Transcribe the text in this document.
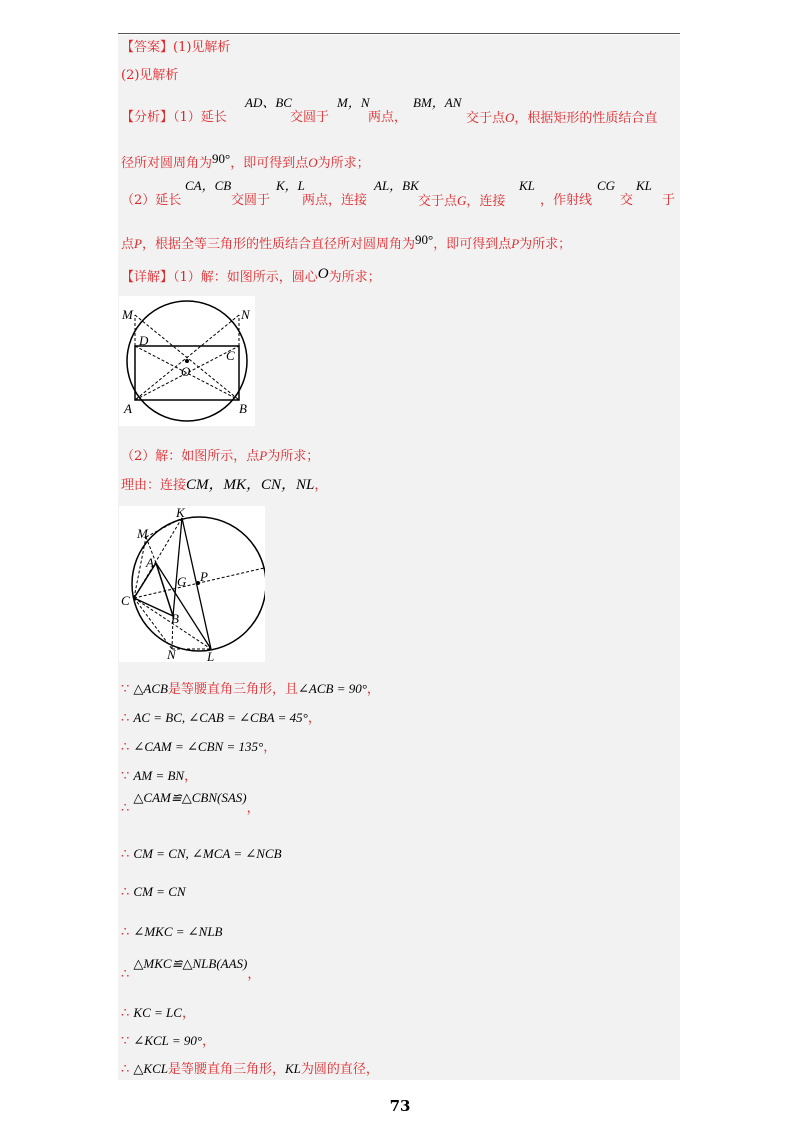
【答案】(1)见解析
(2)见解析
【分析】（1）延长
AD、BC
交圆于
M，N
两点，
BM，AN
交于点O，根据矩形的性质结合直
径所对圆周角为90°，即可得到点O为所求；
（2）延长
CA，CB
交圆于
K，L
两点，连接
AL，BK
交于点G，连接
KL
，作射线
CG
交
KL
于
点P，根据全等三角形的性质结合直径所对圆周角为90°，即可得到点P为所求；
【详解】（1）解：如图所示，圆心O为所求；
M	N
D
C
O
A	B
（2）解：如图所示，点P为所求；
理由：连接CM，MK，CN，NL，
K
M
A
G P
C
B
N L
∵ △ACB是等腰直角三角形，且∠ACB = 90°，
∴ AC = BC, ∠CAB = ∠CBA = 45°，
∴ ∠CAM = ∠CBN = 135°，
∵ AM = BN，
∴ △CAM≌△CBN(SAS)，
∴ CM = CN, ∠MCA = ∠NCB
∴ CM = CN
∴ ∠MKC = ∠NLB
∴ △MKC≌△NLB(AAS)，
∴ KC = LC，
∵ ∠KCL = 90°，
∴ △KCL是等腰直角三角形，KL为圆的直径，
73
